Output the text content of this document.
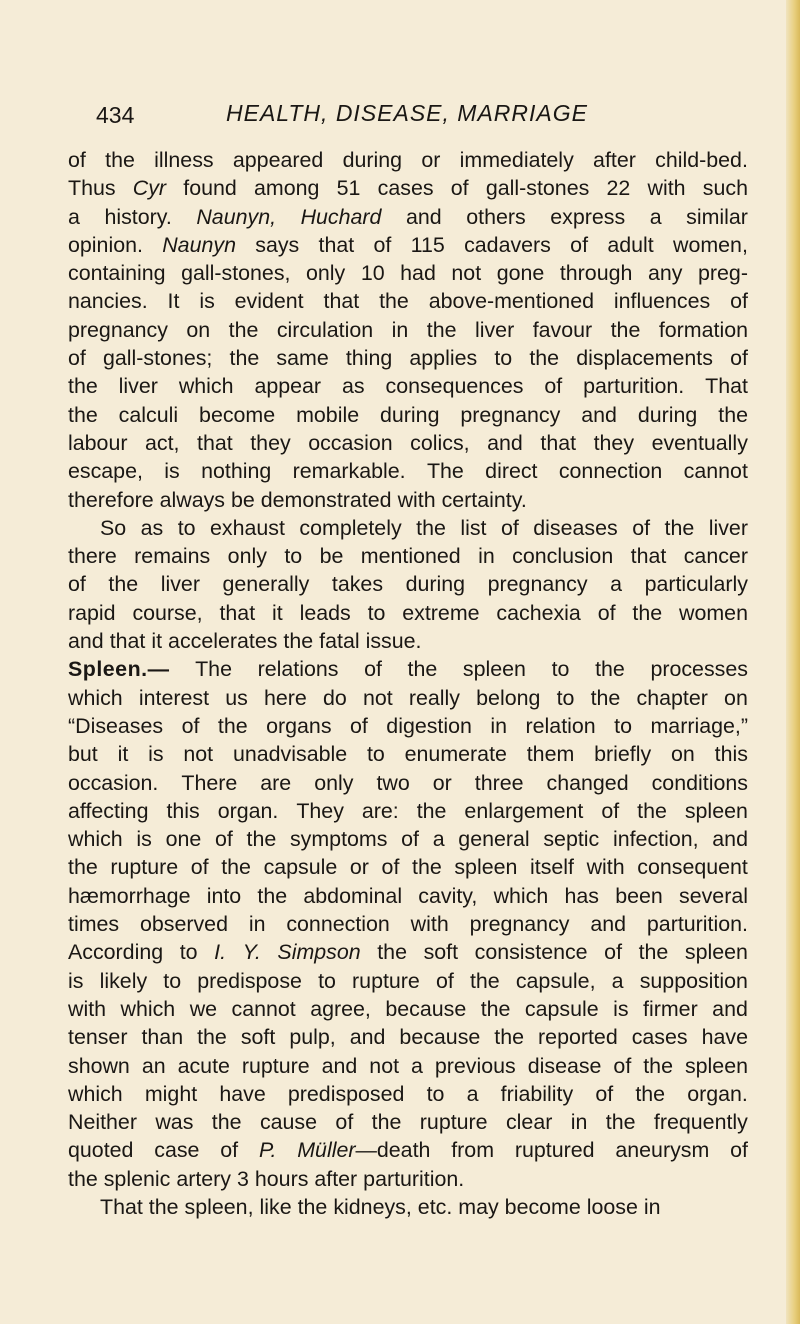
434	HEALTH, DISEASE, MARRIAGE
of the illness appeared during or immediately after child-bed.
Thus Cyr found among 51 cases of gall-stones 22 with such
a history. Naunyn, Huchard and others express a similar
opinion. Naunyn says that of 115 cadavers of adult women,
containing gall-stones, only 10 had not gone through any preg-
nancies. It is evident that the above-mentioned influences of
pregnancy on the circulation in the liver favour the formation
of gall-stones; the same thing applies to the displacements of
the liver which appear as consequences of parturition. That
the calculi become mobile during pregnancy and during the
labour act, that they occasion colics, and that they eventually
escape, is nothing remarkable. The direct connection cannot
therefore always be demonstrated with certainty.
So as to exhaust completely the list of diseases of the liver
there remains only to be mentioned in conclusion that cancer
of the liver generally takes during pregnancy a particularly
rapid course, that it leads to extreme cachexia of the women
and that it accelerates the fatal issue.
Spleen.— The relations of the spleen to the processes
which interest us here do not really belong to the chapter on
“Diseases of the organs of digestion in relation to marriage,”
but it is not unadvisable to enumerate them briefly on this
occasion. There are only two or three changed conditions
affecting this organ. They are: the enlargement of the spleen
which is one of the symptoms of a general septic infection, and
the rupture of the capsule or of the spleen itself with consequent
hæmorrhage into the abdominal cavity, which has been several
times observed in connection with pregnancy and parturition.
According to I. Y. Simpson the soft consistence of the spleen
is likely to predispose to rupture of the capsule, a supposition
with which we cannot agree, because the capsule is firmer and
tenser than the soft pulp, and because the reported cases have
shown an acute rupture and not a previous disease of the spleen
which might have predisposed to a friability of the organ.
Neither was the cause of the rupture clear in the frequently
quoted case of P. Müller—death from ruptured aneurysm of
the splenic artery 3 hours after parturition.
That the spleen, like the kidneys, etc. may become loose in
